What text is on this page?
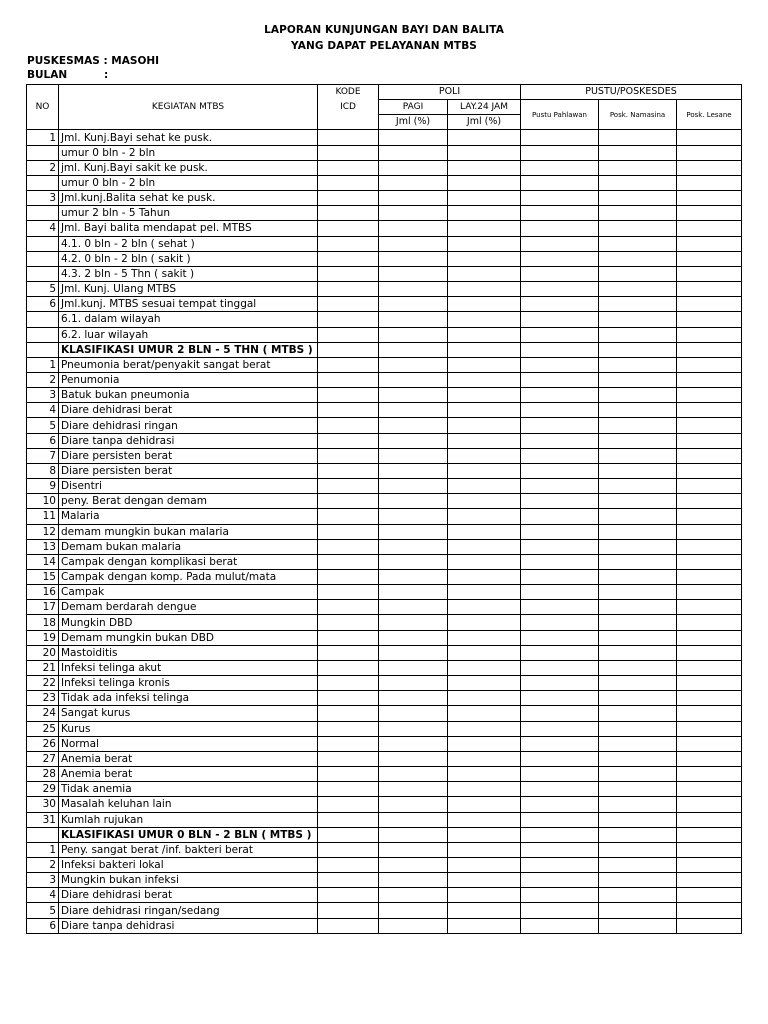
LAPORAN KUNJUNGAN BAYI DAN BALITA
YANG DAPAT PELAYANAN MTBS
PUSKESMAS : MASOHI
BULAN	:
NO	KEGIATAN MTBS	KODE	POLI		PUSTU/POSKESDES		
		ICD	PAGI	LAY.24 JAM	Pustu Pahlawan	Posk. Namasina	Posk. Lesane
			Jml (%)	Jml (%)			
1	Jml. Kunj.Bayi sehat ke pusk.						
	umur 0 bln - 2 bln						
2	jml. Kunj.Bayi sakit ke pusk.						
	umur 0 bln - 2 bln						
3	Jml.kunj.Balita sehat ke pusk.						
	umur 2 bln - 5 Tahun						
4	Jml. Bayi balita mendapat pel. MTBS						
	4.1. 0 bln - 2 bln ( sehat )						
	4.2. 0 bln - 2 bln ( sakit )						
	4.3. 2 bln - 5 Thn ( sakit )						
5	Jml. Kunj. Ulang MTBS						
6	Jml.kunj. MTBS sesuai tempat tinggal						
	6.1. dalam wilayah						
	6.2. luar wilayah						
	KLASIFIKASI UMUR 2 BLN - 5 THN ( MTBS )						
1	Pneumonia berat/penyakit sangat berat						
2	Penumonia						
3	Batuk bukan pneumonia						
4	Diare dehidrasi berat						
5	Diare dehidrasi ringan						
6	Diare tanpa dehidrasi						
7	Diare persisten berat						
8	Diare persisten berat						
9	Disentri						
10	peny. Berat dengan demam						
11	Malaria						
12	demam mungkin bukan malaria						
13	Demam bukan malaria						
14	Campak dengan komplikasi berat						
15	Campak dengan komp. Pada mulut/mata						
16	Campak						
17	Demam berdarah dengue						
18	Mungkin DBD						
19	Demam mungkin bukan DBD						
20	Mastoiditis						
21	Infeksi telinga akut						
22	Infeksi telinga kronis						
23	Tidak ada infeksi telinga						
24	Sangat kurus						
25	Kurus						
26	Normal						
27	Anemia berat						
28	Anemia berat						
29	Tidak anemia						
30	Masalah keluhan lain						
31	Kumlah rujukan						
	KLASIFIKASI UMUR 0 BLN - 2 BLN ( MTBS )						
1	Peny. sangat berat /inf. bakteri berat						
2	Infeksi bakteri lokal						
3	Mungkin bukan infeksi						
4	Diare dehidrasi berat						
5	Diare dehidrasi ringan/sedang						
6	Diare tanpa dehidrasi						
